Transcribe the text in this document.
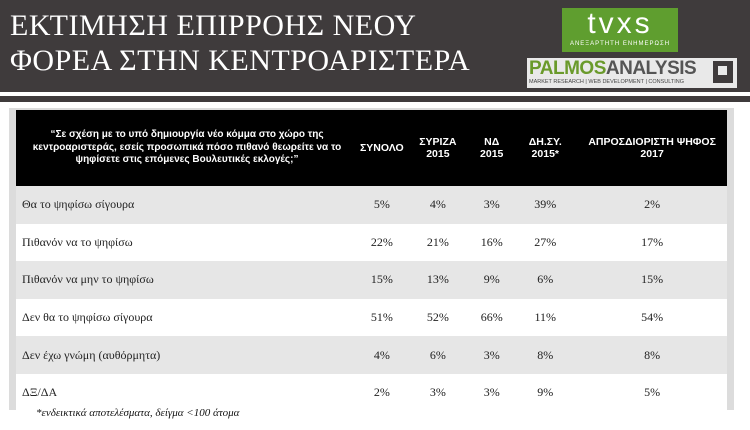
ΕΚΤΙΜΗΣΗ ΕΠΙΡΡΟΗΣ ΝΕΟΥ
ΦΟΡΕΑ ΣΤΗΝ ΚΕΝΤΡΟΑΡΙΣΤΕΡΑ
tvxs
ΑΝΕΞΑΡΤΗΤΗ ΕΝΗΜΕΡΩΣΗ
PALMOSANALYSIS
MARKET RESEARCH | WEB DEVELOPMENT | CONSULTING
“Σε σχέση με το υπό δημιουργία νέο κόμμα στο χώρο της κεντροαριστεράς, εσείς προσωπικά πόσο πιθανό θεωρείτε να το ψηφίσετε στις επόμενες Βουλευτικές εκλογές;”	ΣΥΝΟΛΟ	ΣΥΡΙΖΑ 2015	ΝΔ 2015	ΔΗ.ΣΥ. 2015*	ΑΠΡΟΣΔΙΟΡΙΣΤΗ ΨΗΦΟΣ 2017
Θα το ψηφίσω σίγουρα	5%	4%	3%	39%	2%
Πιθανόν να το ψηφίσω	22%	21%	16%	27%	17%
Πιθανόν να μην το ψηφίσω	15%	13%	9%	6%	15%
Δεν θα το ψηφίσω σίγουρα	51%	52%	66%	11%	54%
Δεν έχω γνώμη (αυθόρμητα)	4%	6%	3%	8%	8%
ΔΞ/ΔΑ	2%	3%	3%	9%	5%
*ενδεικτικά αποτελέσματα, δείγμα <100 άτομα
